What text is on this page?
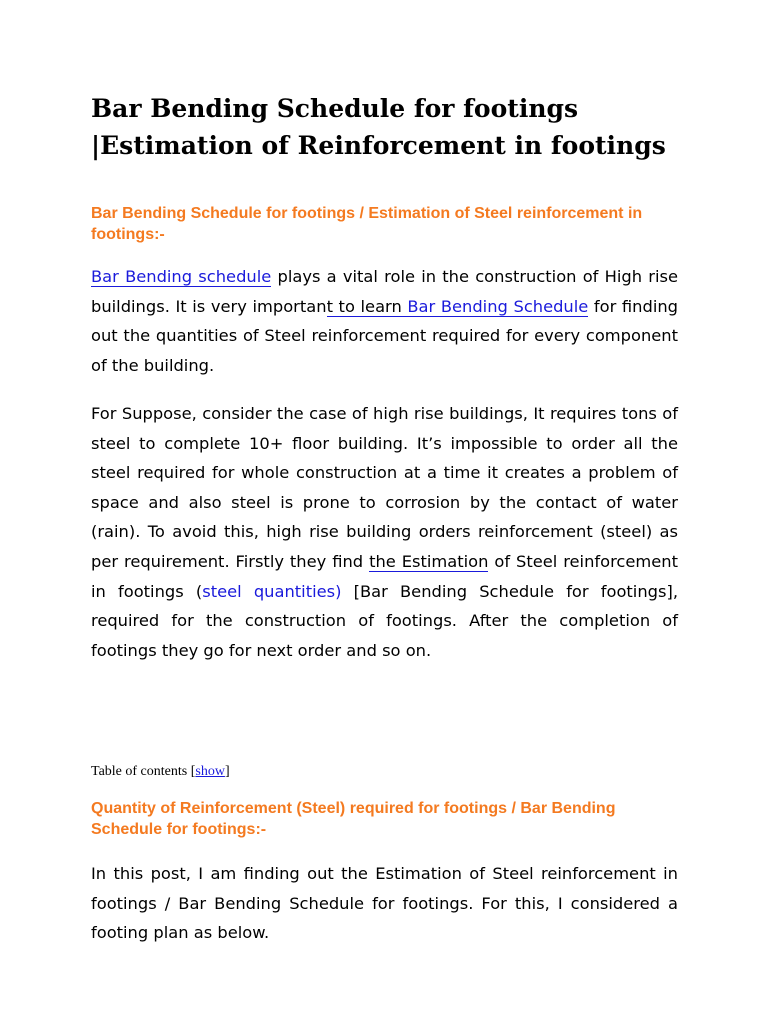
Bar Bending Schedule for footings |Estimation of Reinforcement in footings

Bar Bending Schedule for footings / Estimation of Steel reinforcement in footings:-

Bar Bending schedule plays a vital role in the construction of High rise buildings. It is very important to learn Bar Bending Schedule for finding out the quantities of Steel reinforcement required for every component of the building.

For Suppose, consider the case of high rise buildings, It requires tons of steel to complete 10+ floor building. It’s impossible to order all the steel required for whole construction at a time it creates a problem of space and also steel is prone to corrosion by the contact of water (rain). To avoid this, high rise building orders reinforcement (steel) as per requirement. Firstly they find the Estimation of Steel reinforcement in footings (steel quantities) [Bar Bending Schedule for footings], required for the construction of footings. After the completion of footings they go for next order and so on.

Table of contents [show]

Quantity of Reinforcement (Steel) required for footings / Bar Bending Schedule for footings:-

In this post, I am finding out the Estimation of Steel reinforcement in footings / Bar Bending Schedule for footings. For this, I considered a footing plan as below.
